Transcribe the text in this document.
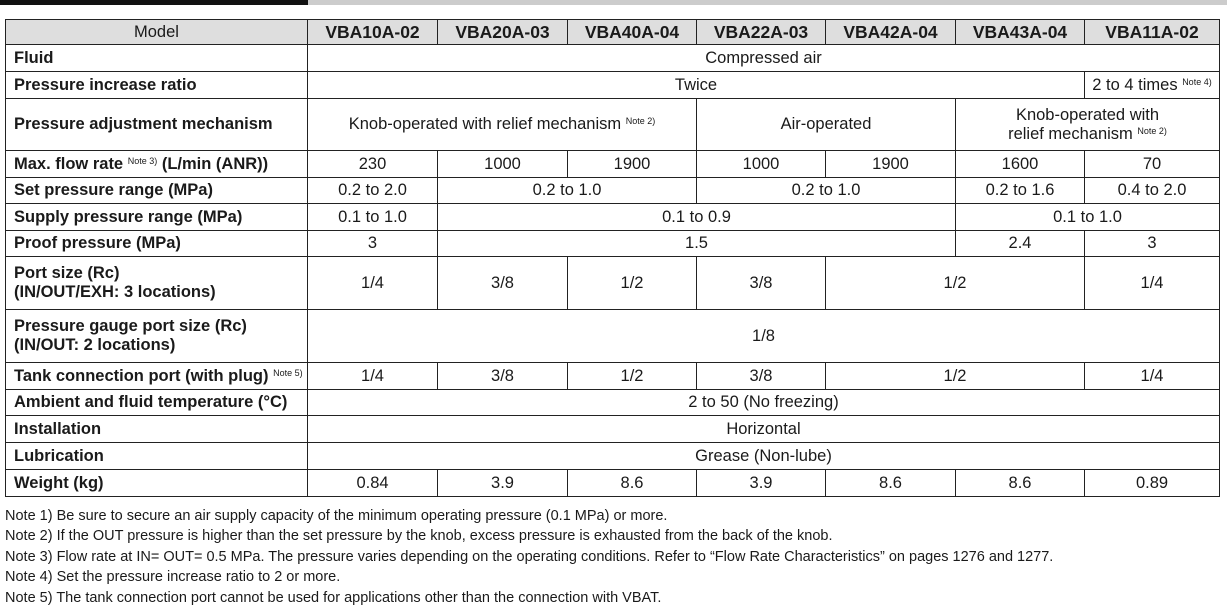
Model	VBA10A-02	VBA20A-03	VBA40A-04	VBA22A-03	VBA42A-04	VBA43A-04	VBA11A-02
Fluid	Compressed air						
Pressure increase ratio	Twice						2 to 4 times $^{Note 4)}$
Pressure adjustment mechanism	Knob-operated with relief mechanism $^{Note 2)}$			Air-operated		Knob-operated with
relief mechanism $^{Note 2)}$
Max. flow rate $^{Note 3)}$ (L/min (ANR))	230	1000	1900	1000	1900	1600	70
Set pressure range (MPa)	0.2 to 2.0	0.2 to 1.0		0.2 to 1.0		0.2 to 1.6	0.4 to 2.0
Supply pressure range (MPa)	0.1 to 1.0	0.1 to 0.9				0.1 to 1.0	
Proof pressure (MPa)	3	1.5				2.4	3
Port size (Rc)
(IN/OUT/EXH: 3 locations)	1/4	3/8	1/2	3/8	1/2		1/4
Pressure gauge port size (Rc)
(IN/OUT: 2 locations)	1/8						
Tank connection port (with plug) $^{Note 5)}$	1/4	3/8	1/2	3/8	1/2		1/4
Ambient and fluid temperature (°C)	2 to 50 (No freezing)						
Installation	Horizontal						
Lubrication	Grease (Non-lube)						
Weight (kg)	0.84	3.9	8.6	3.9	8.6	8.6	0.89
Note 1) Be sure to secure an air supply capacity of the minimum operating pressure (0.1 MPa) or more.
Note 2) If the OUT pressure is higher than the set pressure by the knob, excess pressure is exhausted from the back of the knob.
Note 3) Flow rate at IN= OUT= 0.5 MPa. The pressure varies depending on the operating conditions. Refer to “Flow Rate Characteristics” on pages 1276 and 1277.
Note 4) Set the pressure increase ratio to 2 or more.
Note 5) The tank connection port cannot be used for applications other than the connection with VBAT.
